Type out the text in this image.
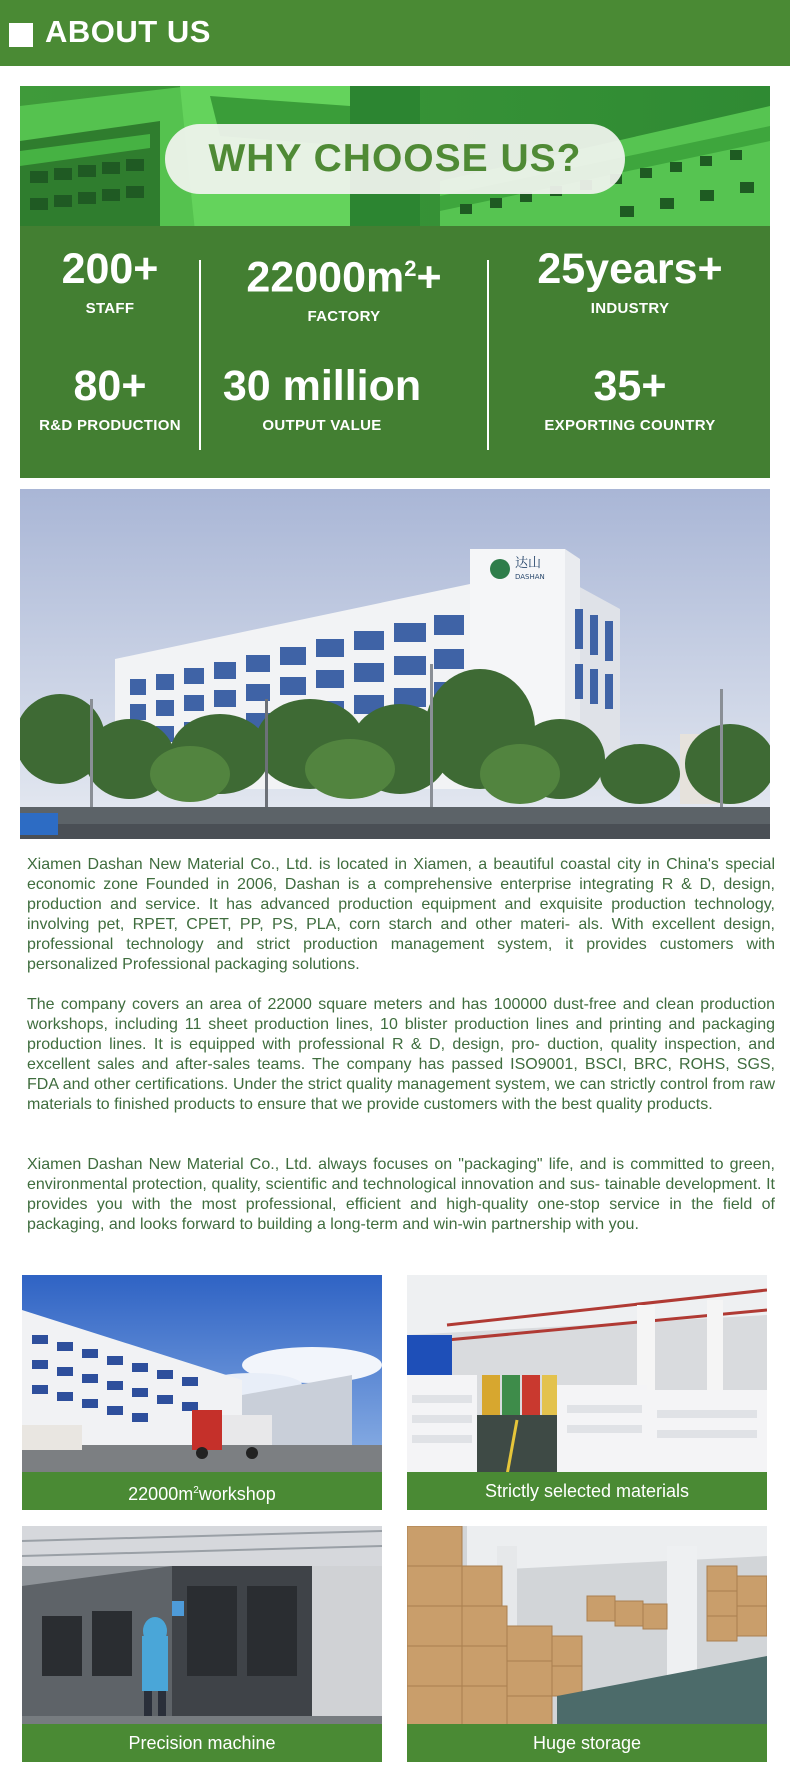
ABOUT US
WHY CHOOSE US?
200+
STAFF
$22000m^2+$
FACTORY
25years+
INDUSTRY
80+
R&D PRODUCTION
30 million
OUTPUT VALUE
35+
EXPORTING COUNTRY
达山
DASHAN

Xiamen Dashan New Material Co., Ltd. is located in Xiamen, a beautiful coastal city in China's special economic zone Founded in 2006, Dashan is a comprehensive enterprise integrating R & D, design, production and service. It has advanced production equipment and exquisite production technology, involving pet, RPET, CPET, PP, PS, PLA, corn starch and other materi- als. With excellent design, professional technology and strict production management system, it provides customers with personalized Professional packaging solutions.

The company covers an area of 22000 square meters and has 100000 dust-free and clean production workshops, including 11 sheet production lines, 10 blister production lines and printing and packaging production lines. It is equipped with professional R & D, design, pro- duction, quality inspection, and excellent sales and after-sales teams. The company has passed ISO9001, BSCI, BRC, ROHS, SGS, FDA and other certifications. Under the strict quality management system, we can strictly control from raw materials to finished products to ensure that we provide customers with the best quality products.

Xiamen Dashan New Material Co., Ltd. always focuses on "packaging" life, and is committed to green, environmental protection, quality, scientific and technological innovation and sus- tainable development. It provides you with the most professional, efficient and high-quality one-stop service in the field of packaging, and looks forward to building a long-term and win-win partnership with you.

$22000m^2workshop$	Strictly selected materials
Precision machine	Huge storage
